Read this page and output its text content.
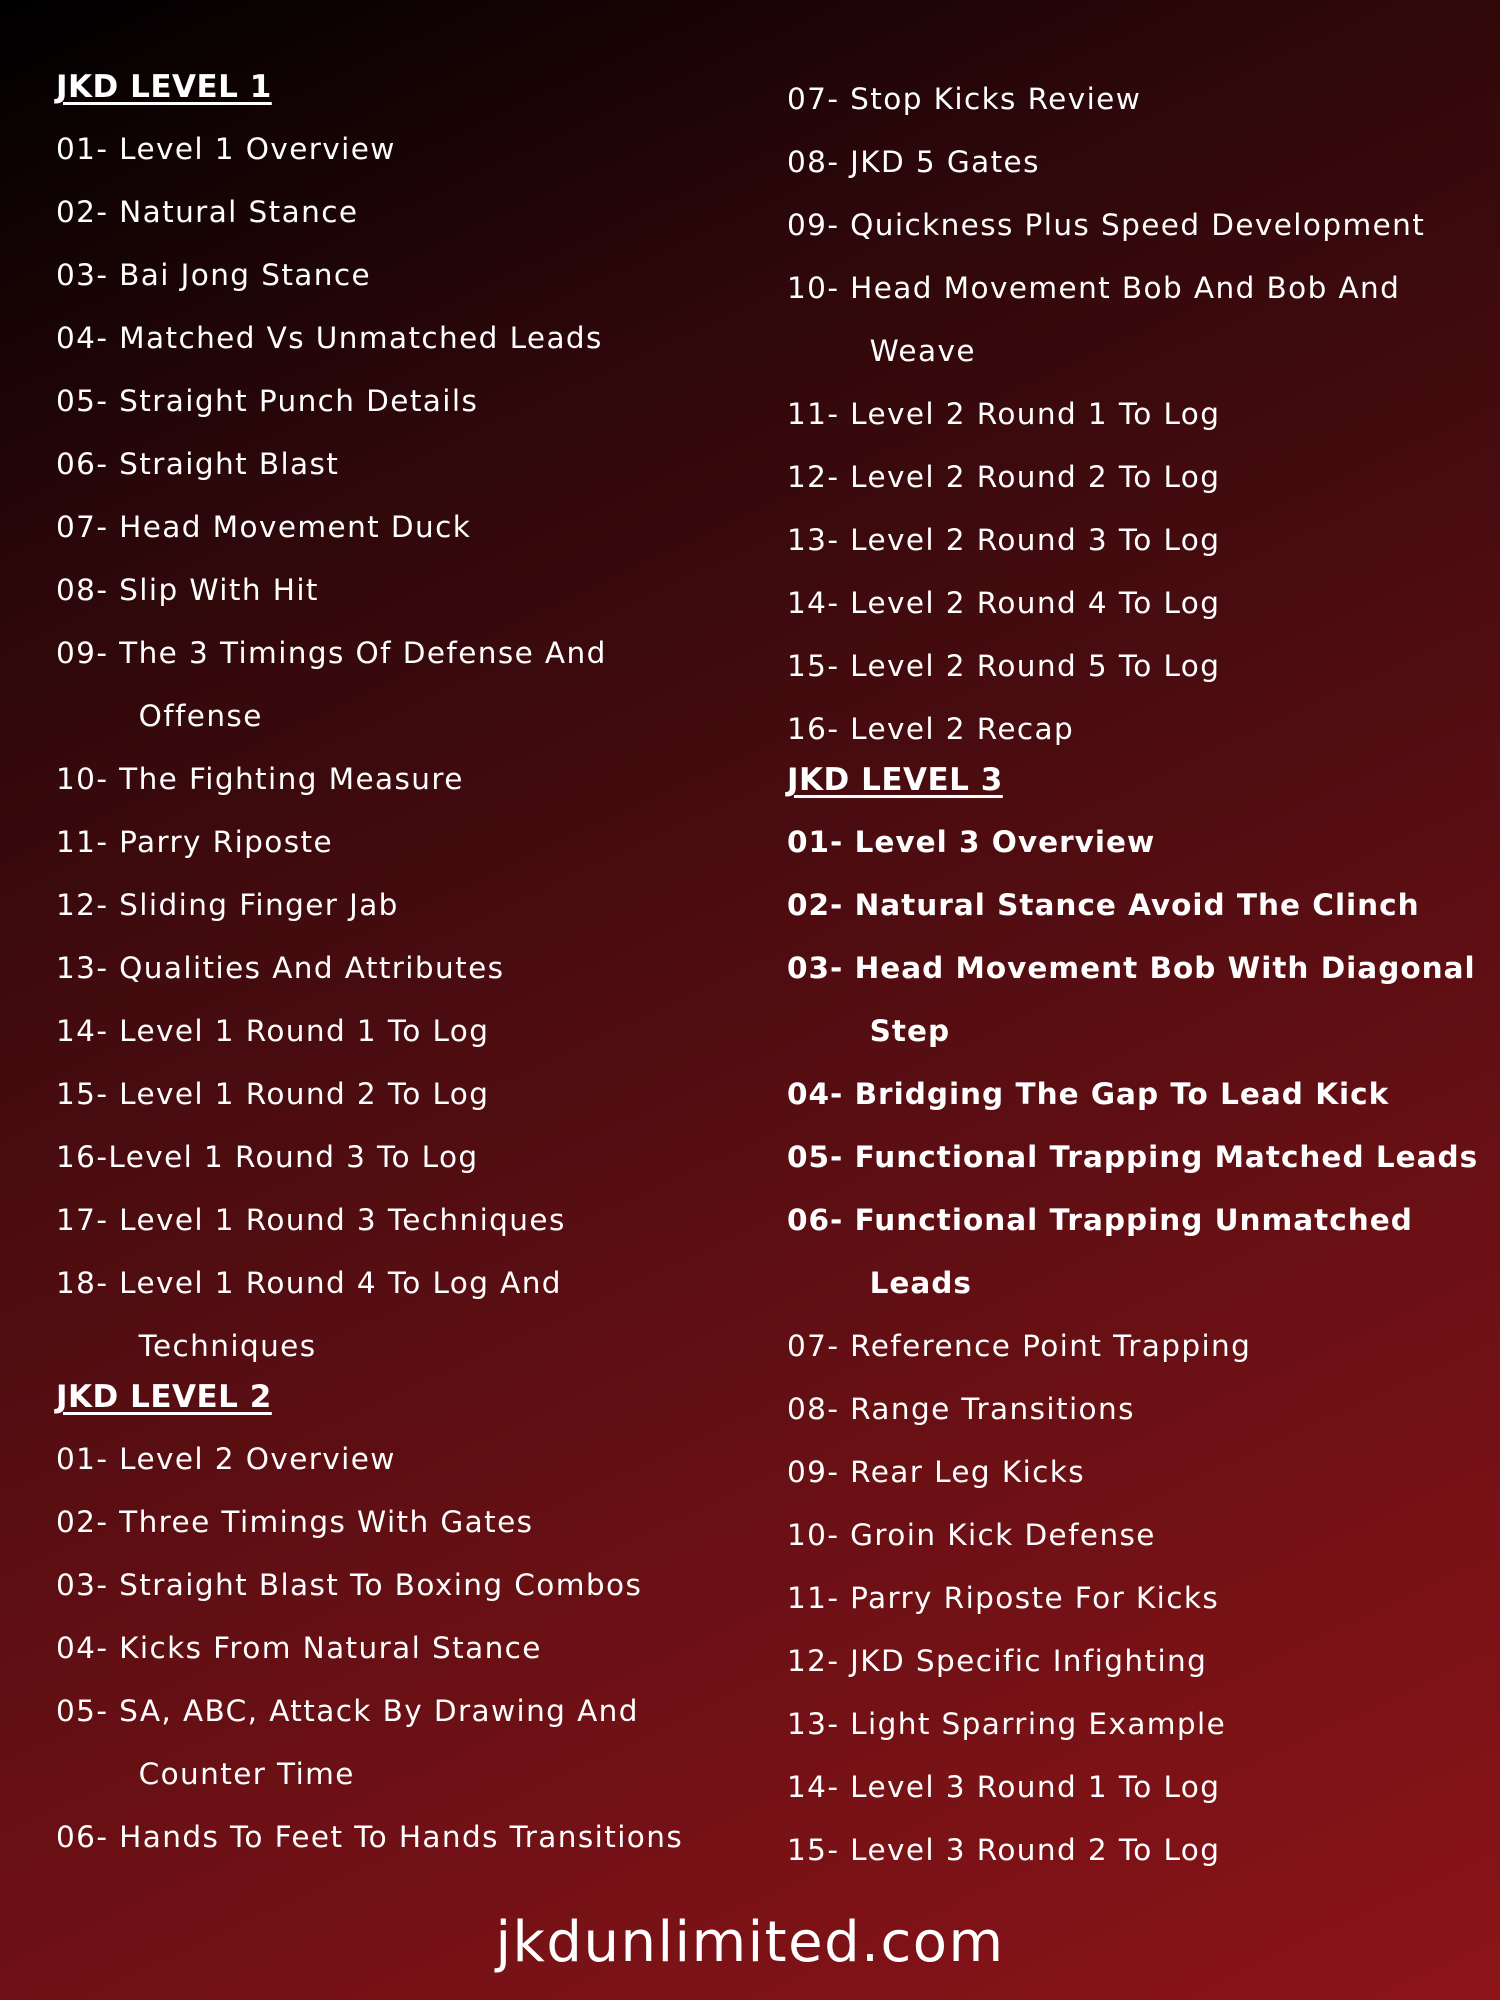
JKD LEVEL 1
01- Level 1 Overview
02- Natural Stance
03- Bai Jong Stance
04- Matched Vs Unmatched Leads
05- Straight Punch Details
06- Straight Blast
07- Head Movement Duck
08- Slip With Hit
09- The 3 Timings Of Defense And
Offense
10- The Fighting Measure
11- Parry Riposte
12- Sliding Finger Jab
13- Qualities And Attributes
14- Level 1 Round 1 To Log
15- Level 1 Round 2 To Log
16-Level 1 Round 3 To Log
17- Level 1 Round 3 Techniques
18- Level 1 Round 4 To Log And
Techniques
JKD LEVEL 2
01- Level 2 Overview
02- Three Timings With Gates
03- Straight Blast To Boxing Combos
04- Kicks From Natural Stance
05- SA, ABC, Attack By Drawing And
Counter Time
06- Hands To Feet To Hands Transitions
07- Stop Kicks Review
08- JKD 5 Gates
09- Quickness Plus Speed Development
10- Head Movement Bob And Bob And
Weave
11- Level 2 Round 1 To Log
12- Level 2 Round 2 To Log
13- Level 2 Round 3 To Log
14- Level 2 Round 4 To Log
15- Level 2 Round 5 To Log
16- Level 2 Recap
JKD LEVEL 3
01- Level 3 Overview
02- Natural Stance Avoid The Clinch
03- Head Movement Bob With Diagonal
Step
04- Bridging The Gap To Lead Kick
05- Functional Trapping Matched Leads
06- Functional Trapping Unmatched
Leads
07- Reference Point Trapping
08- Range Transitions
09- Rear Leg Kicks
10- Groin Kick Defense
11- Parry Riposte For Kicks
12- JKD Specific Infighting
13- Light Sparring Example
14- Level 3 Round 1 To Log
15- Level 3 Round 2 To Log
jkdunlimited.com
